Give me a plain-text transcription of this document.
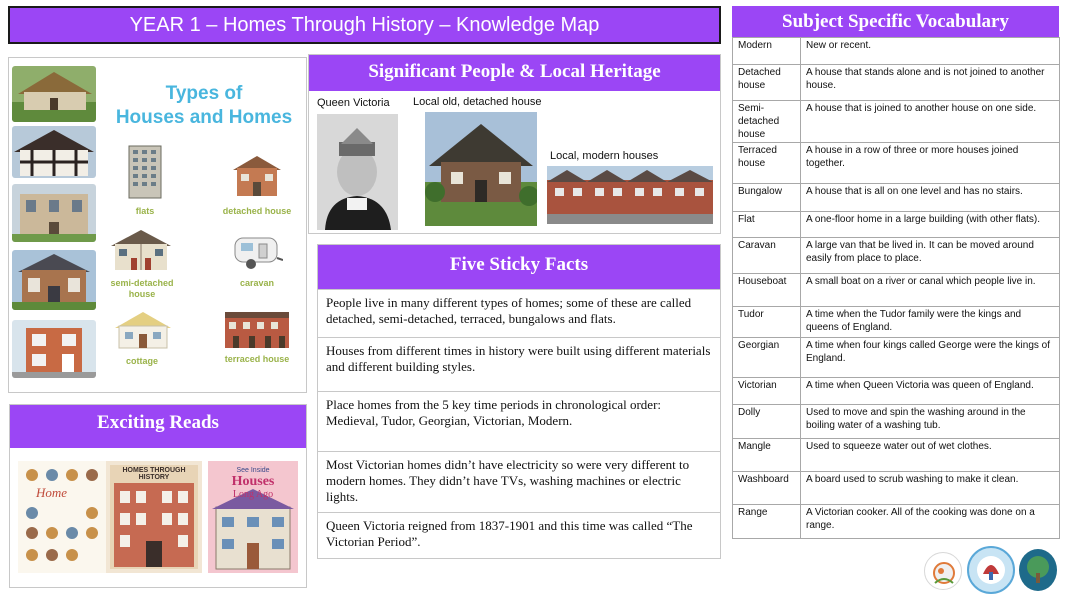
YEAR 1 – Homes Through History – Knowledge Map
Types of
Houses and Homes
flats	detached house
semi-detached house
caravan
cottage	terraced house
Significant People & Local Heritage
Queen Victoria Local old, detached house
Local, modern houses
Five Sticky Facts
People live in many different types of homes; some of these are called detached, semi-detached, terraced, bungalows and flats.
Houses from different times in history were built using different materials and different building styles.
Place homes from the 5 key time periods in chronological order: Medieval, Tudor, Georgian, Victorian, Modern.
Most Victorian homes didn’t have electricity so were very different to modern homes. They didn’t have TVs, washing machines or electric lights.
Queen Victoria reigned from 1837-1901 and this time was called “The Victorian Period”.
Exciting Reads
Home
HOMES THROUGH HISTORY
See Inside
Houses
Long Ago
Subject Specific Vocabulary
Modern	New or recent.
Detached house	A house that stands alone and is not joined to another house.
Semi-detached house	A house that is joined to another house on one side.
Terraced house	A house in a row of three or more houses joined together.
Bungalow	A house that is all on one level and has no stairs.
Flat	A one-floor home in a large building (with other flats).
Caravan	A large van that be lived in. It can be moved around easily from place to place.
Houseboat	A small boat on a river or canal which people live in.
Tudor	A time when the Tudor family were the kings and queens of England.
Georgian	A time when four kings called George were the kings of England.
Victorian	A time when Queen Victoria was queen of England.
Dolly	Used to move and spin the washing around in the boiling water of a washing tub.
Mangle	Used to squeeze water out of wet clothes.
Washboard	A board used to scrub washing to make it clean.
Range	A Victorian cooker. All of the cooking was done on a range.
